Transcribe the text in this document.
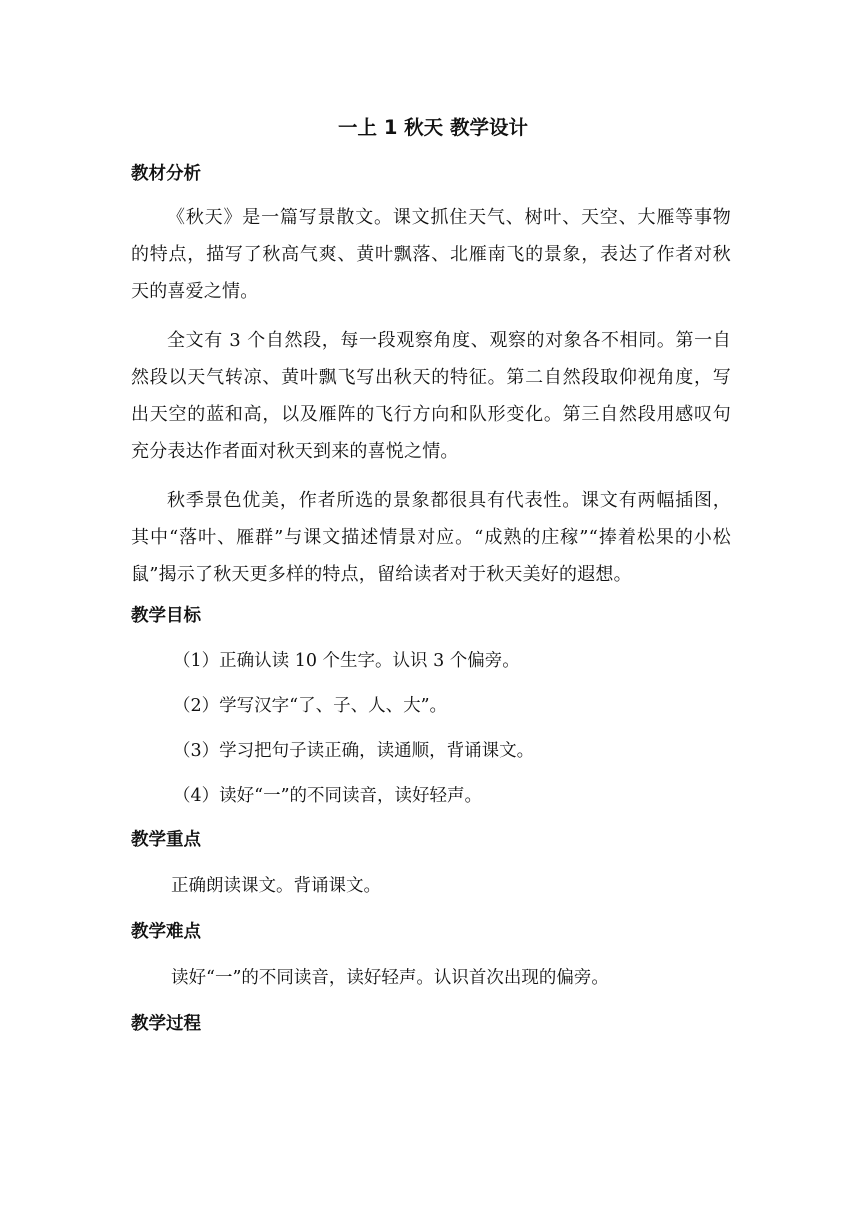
一上 1 秋天 教学设计
教材分析

《秋天》是一篇写景散文。课文抓住天气、树叶、天空、大雁等事物的特点，描写了秋高气爽、黄叶飘落、北雁南飞的景象，表达了作者对秋天的喜爱之情。

全文有 3 个自然段，每一段观察角度、观察的对象各不相同。第一自然段以天气转凉、黄叶飘飞写出秋天的特征。第二自然段取仰视角度，写出天空的蓝和高，以及雁阵的飞行方向和队形变化。第三自然段用感叹句充分表达作者面对秋天到来的喜悦之情。

秋季景色优美，作者所选的景象都很具有代表性。课文有两幅插图，其中“落叶、雁群”与课文描述情景对应。“成熟的庄稼”“捧着松果的小松鼠”揭示了秋天更多样的特点，留给读者对于秋天美好的遐想。

教学目标

（1）正确认读 10 个生字。认识 3 个偏旁。

（2）学写汉字“了、子、人、大”。

（3）学习把句子读正确，读通顺，背诵课文。

（4）读好“一”的不同读音，读好轻声。

教学重点

正确朗读课文。背诵课文。

教学难点

读好“一”的不同读音，读好轻声。认识首次出现的偏旁。

教学过程
